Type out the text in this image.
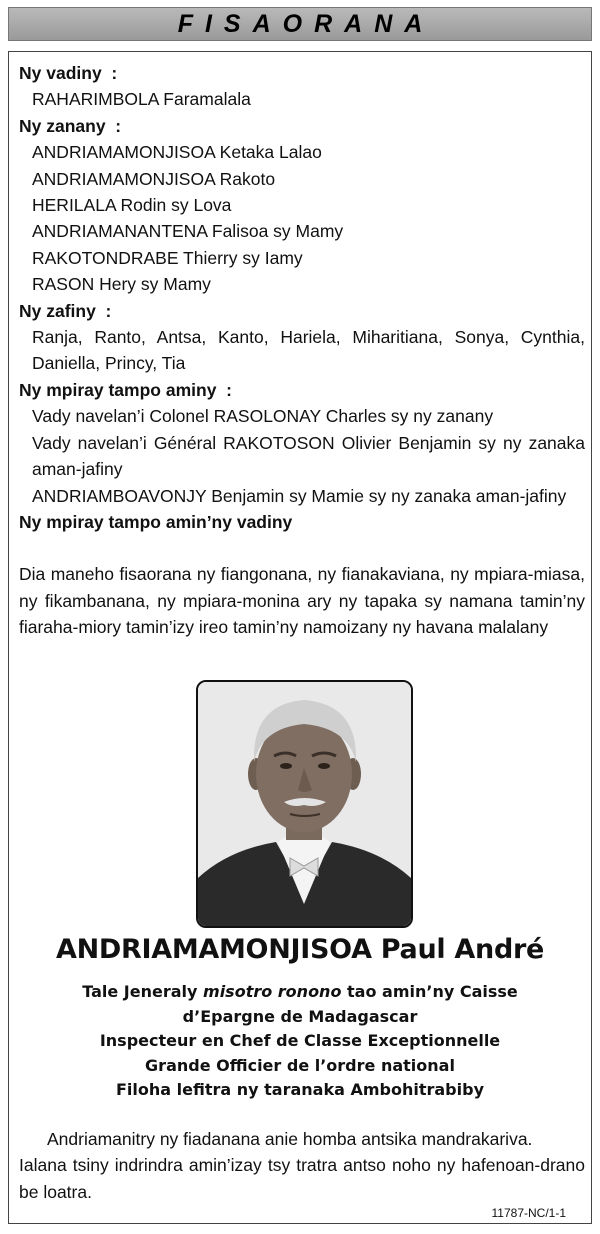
FISAORANA
Ny vadiny  :
RAHARIMBOLA Faramalala
Ny zanany  :
ANDRIAMAMONJISOA Ketaka Lalao
ANDRIAMAMONJISOA Rakoto
HERILALA Rodin sy Lova
ANDRIAMANANTENA Falisoa sy Mamy
RAKOTONDRABE Thierry sy Iamy
RASON Hery sy Mamy
Ny zafiny  :
Ranja, Ranto, Antsa, Kanto, Hariela, Miharitiana, Sonya, Cynthia, Daniella, Princy, Tia
Ny mpiray tampo aminy  :
Vady navelan’i Colonel RASOLONAY Charles sy ny zanany
Vady navelan’i Général RAKOTOSON Olivier Benjamin sy ny zanaka aman-jafiny
ANDRIAMBOAVONJY Benjamin sy Mamie sy ny zanaka aman-jafiny
Ny mpiray tampo amin’ny vadiny
Dia maneho fisaorana ny fiangonana, ny fianakaviana, ny mpiara-miasa, ny fikambanana, ny mpiara-monina ary ny tapaka sy namana tamin’ny fiaraha-miory tamin’izy ireo tamin’ny namoizany ny havana malalany
ANDRIAMAMONJISOA Paul André
Tale Jeneraly misotro ronono tao amin’ny Caisse d’Epargne de Madagascar
Inspecteur en Chef de Classe Exceptionnelle
Grande Officier de l’ordre national
Filoha lefitra ny taranaka Ambohitrabiby

Andriamanitry ny fiadanana anie homba antsika mandrakariva.

Ialana tsiny indrindra amin’izay tsy tratra antso noho ny hafenoan-drano be loatra.

11787-NC/1-1
